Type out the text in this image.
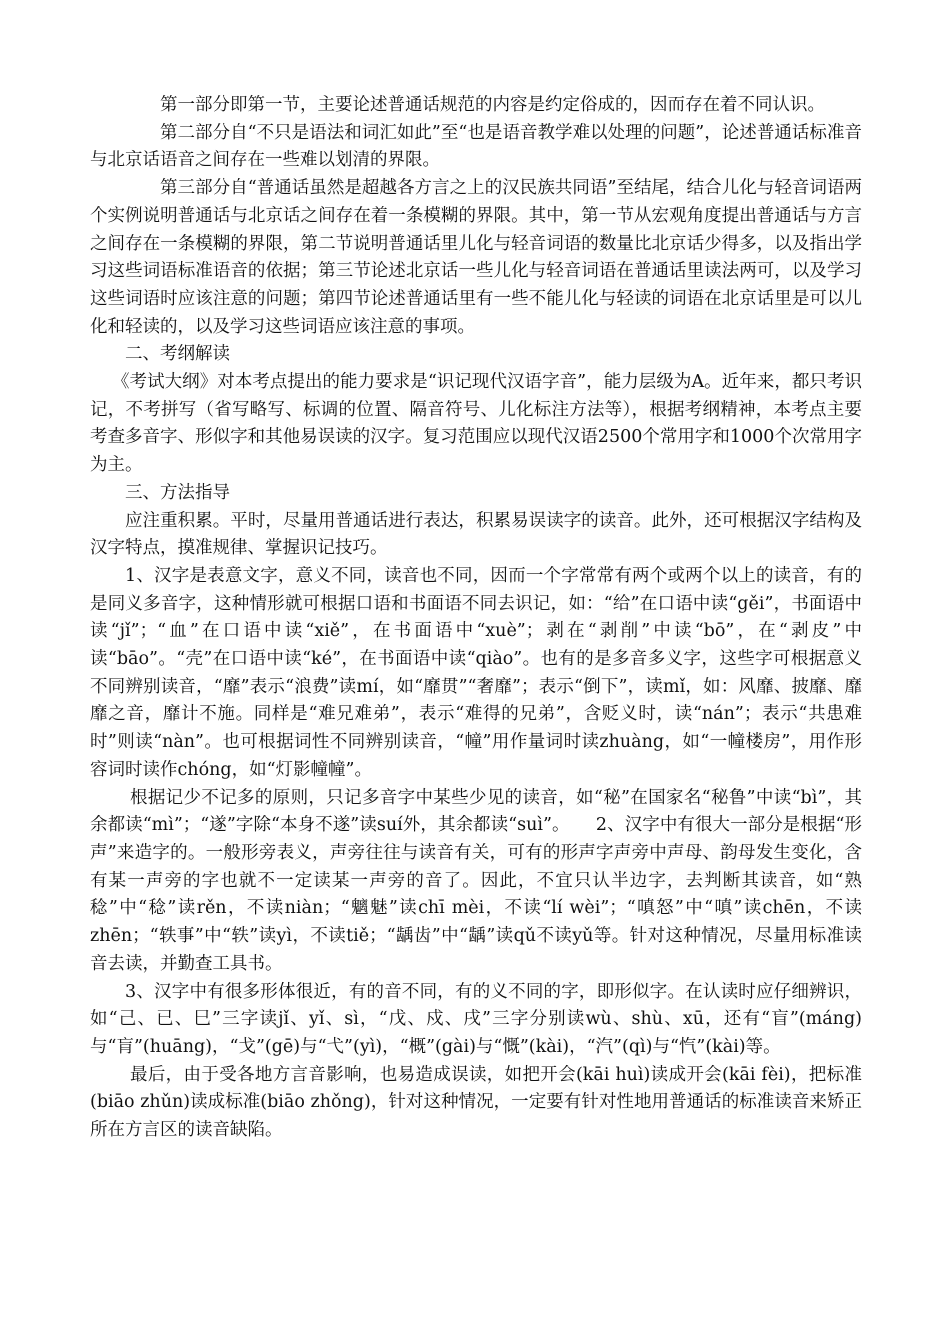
第一部分即第一节，主要论述普通话规范的内容是约定俗成的，因而存在着不同认识。

第二部分自“不只是语法和词汇如此”至“也是语音教学难以处理的问题”，论述普通话标准音与北京话语音之间存在一些难以划清的界限。

第三部分自“普通话虽然是超越各方言之上的汉民族共同语”至结尾，结合儿化与轻音词语两个实例说明普通话与北京话之间存在着一条模糊的界限。其中，第一节从宏观角度提出普通话与方言之间存在一条模糊的界限，第二节说明普通话里儿化与轻音词语的数量比北京话少得多，以及指出学习这些词语标准语音的依据；第三节论述北京话一些儿化与轻音词语在普通话里读法两可，以及学习这些词语时应该注意的问题；第四节论述普通话里有一些不能儿化与轻读的词语在北京话里是可以儿化和轻读的，以及学习这些词语应该注意的事项。

二、考纲解读

《考试大纲》对本考点提出的能力要求是“识记现代汉语字音”，能力层级为A。近年来，都只考识记，不考拼写（省写略写、标调的位置、隔音符号、儿化标注方法等），根据考纲精神，本考点主要考查多音字、形似字和其他易误读的汉字。复习范围应以现代汉语2500个常用字和1000个次常用字为主。

三、方法指导

应注重积累。平时，尽量用普通话进行表达，积累易误读字的读音。此外，还可根据汉字结构及汉字特点，摸准规律、掌握识记技巧。

1、汉字是表意文字，意义不同，读音也不同，因而一个字常常有两个或两个以上的读音，有的是同义多音字，这种情形就可根据口语和书面语不同去识记，如：“给”在口语中读“gěi”，书面语中读“jǐ”；“血”在口语中读“xiě”，在书面语中“xuè”；剥在“剥削”中读“bō”，在“剥皮”中读“bāo”。“壳”在口语中读“ké”，在书面语中读“qiào”。也有的是多音多义字，这些字可根据意义不同辨别读音，“靡”表示“浪费”读mí，如“靡贯”“奢靡”；表示“倒下”，读mǐ，如：风靡、披靡、靡靡之音，靡计不施。同样是“难兄难弟”，表示“难得的兄弟”，含贬义时，读“nán”；表示“共患难时”则读“nàn”。也可根据词性不同辨别读音，“幢”用作量词时读zhuàng，如“一幢楼房”，用作形容词时读作chóng，如“灯影幢幢”。

根据记少不记多的原则，只记多音字中某些少见的读音，如“秘”在国家名“秘鲁”中读“bì”，其余都读“mì”；“遂”字除“本身不遂”读suí外，其余都读“suì”。　　2、汉字中有很大一部分是根据“形声”来造字的。一般形旁表义，声旁往往与读音有关，可有的形声字声旁中声母、韵母发生变化，含有某一声旁的字也就不一定读某一声旁的音了。因此，不宜只认半边字，去判断其读音，如“熟稔”中“稔”读rěn，不读niàn；“魑魅”读chī mèi，不读“lí wèi”；“嗔怒”中“嗔”读chēn，不读zhēn；“轶事”中“轶”读yì，不读tiě；“龋齿”中“龋”读qǔ不读yǔ等。针对这种情况，尽量用标准读音去读，并勤查工具书。

3、汉字中有很多形体很近，有的音不同，有的义不同的字，即形似字。在认读时应仔细辨识，如“己、已、巳”三字读jǐ、yǐ、sì，“戊、戍、戌”三字分别读wù、shù、xū，还有“盲”(máng)与“肓”(huāng)，“戈”(gē)与“弋”(yì)，“概”(gài)与“慨”(kài)，“汽”(qì)与“忾”(kài)等。

最后，由于受各地方言音影响，也易造成误读，如把开会(kāi huì)读成开会(kāi fèi)，把标准(biāo zhǔn)读成标准(biāo zhǒng)，针对这种情况，一定要有针对性地用普通话的标准读音来矫正所在方言区的读音缺陷。
